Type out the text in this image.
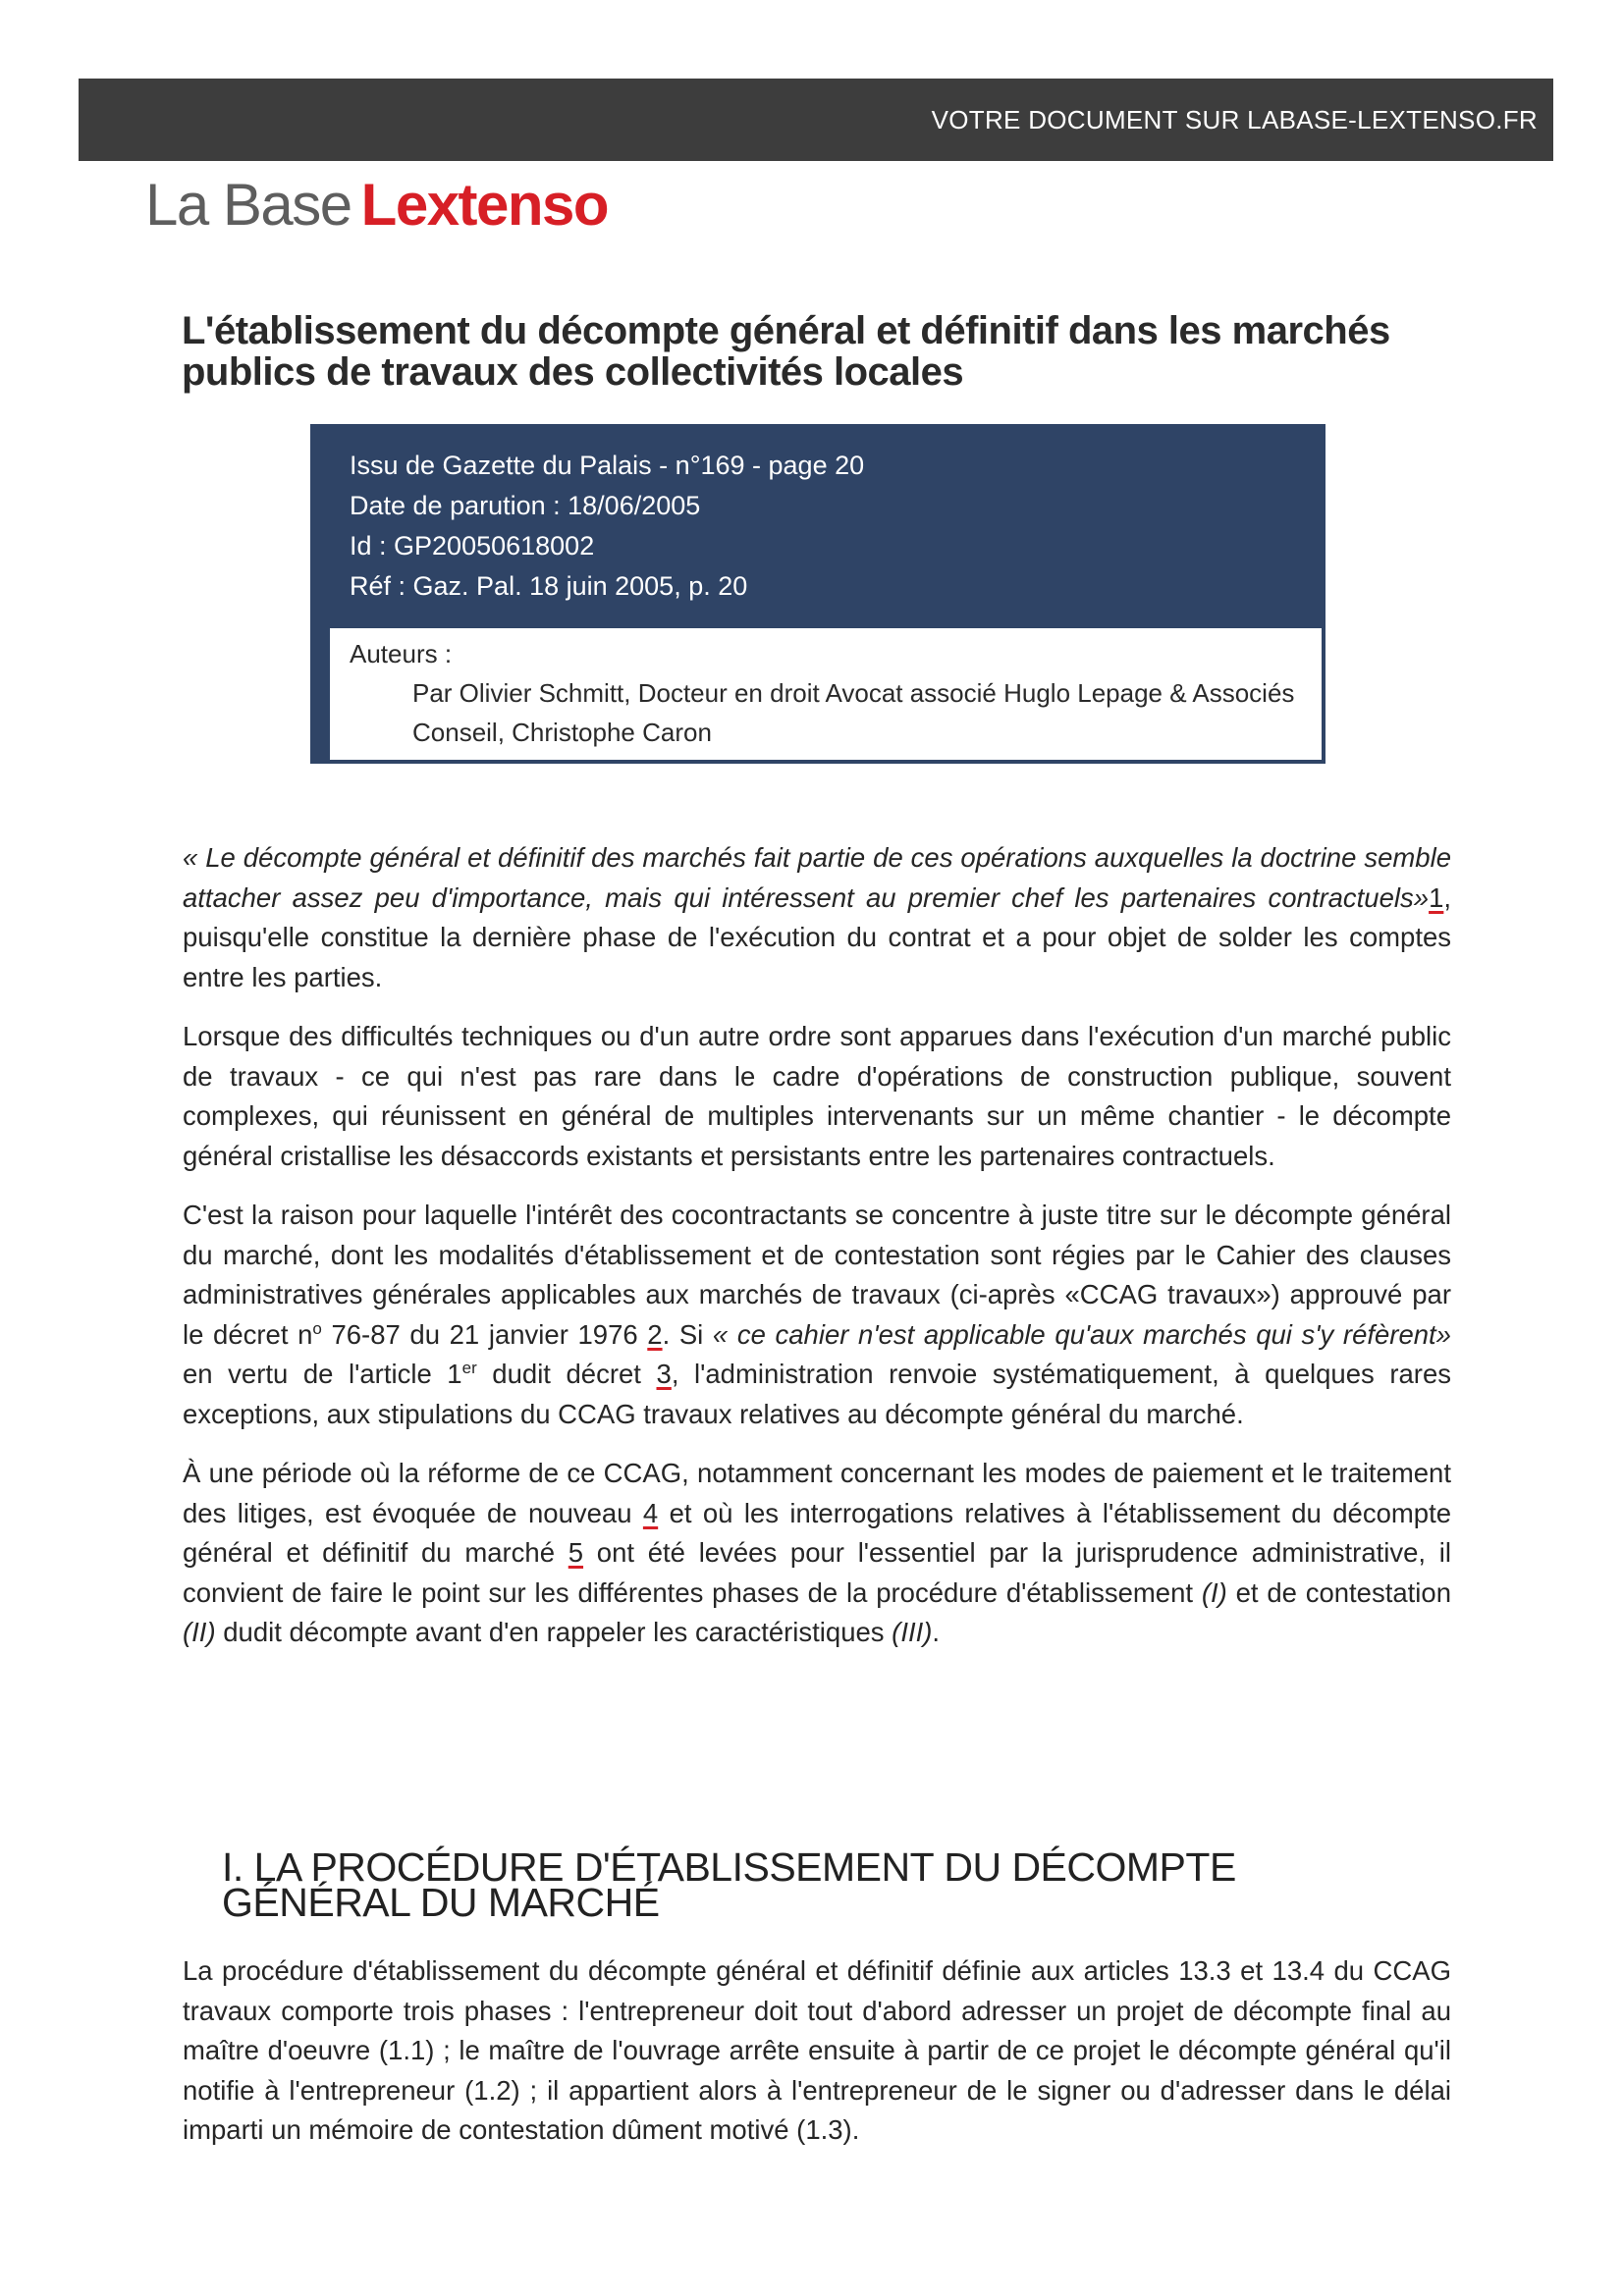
VOTRE DOCUMENT SUR LABASE-LEXTENSO.FR
La Base Lextenso
L'établissement du décompte général et définitif dans les marchés publics de travaux des collectivités locales
Issu de Gazette du Palais - n°169 - page 20
Date de parution : 18/06/2005
Id : GP20050618002
Réf : Gaz. Pal. 18 juin 2005, p. 20
Auteurs :
Par Olivier Schmitt, Docteur en droit Avocat associé Huglo Lepage & Associés Conseil, Christophe Caron

« Le décompte général et définitif des marchés fait partie de ces opérations auxquelles la doctrine semble attacher assez peu d'importance, mais qui intéressent au premier chef les partenaires contractuels»1, puisqu'elle constitue la dernière phase de l'exécution du contrat et a pour objet de solder les comptes entre les parties.

Lorsque des difficultés techniques ou d'un autre ordre sont apparues dans l'exécution d'un marché public de travaux - ce qui n'est pas rare dans le cadre d'opérations de construction publique, souvent complexes, qui réunissent en général de multiples intervenants sur un même chantier - le décompte général cristallise les désaccords existants et persistants entre les partenaires contractuels.

C'est la raison pour laquelle l'intérêt des cocontractants se concentre à juste titre sur le décompte général du marché, dont les modalités d'établissement et de contestation sont régies par le Cahier des clauses administratives générales applicables aux marchés de travaux (ci-après «CCAG travaux») approuvé par le décret $n^o$ 76-87 du 21 janvier 1976 2. Si « ce cahier n'est applicable qu'aux marchés qui s'y réfèrent» en vertu de l'article 1er dudit décret 3, l'administration renvoie systématiquement, à quelques rares exceptions, aux stipulations du CCAG travaux relatives au décompte général du marché.

À une période où la réforme de ce CCAG, notamment concernant les modes de paiement et le traitement des litiges, est évoquée de nouveau 4 et où les interrogations relatives à l'établissement du décompte général et définitif du marché 5 ont été levées pour l'essentiel par la jurisprudence administrative, il convient de faire le point sur les différentes phases de la procédure d'établissement (I) et de contestation (II) dudit décompte avant d'en rappeler les caractéristiques (III).

I. LA PROCÉDURE D'ÉTABLISSEMENT DU DÉCOMPTE GÉNÉRAL DU MARCHÉ

La procédure d'établissement du décompte général et définitif définie aux articles 13.3 et 13.4 du CCAG travaux comporte trois phases : l'entrepreneur doit tout d'abord adresser un projet de décompte final au maître d'oeuvre (1.1) ; le maître de l'ouvrage arrête ensuite à partir de ce projet le décompte général qu'il notifie à l'entrepreneur (1.2) ; il appartient alors à l'entrepreneur de le signer ou d'adresser dans le délai imparti un mémoire de contestation dûment motivé (1.3).
